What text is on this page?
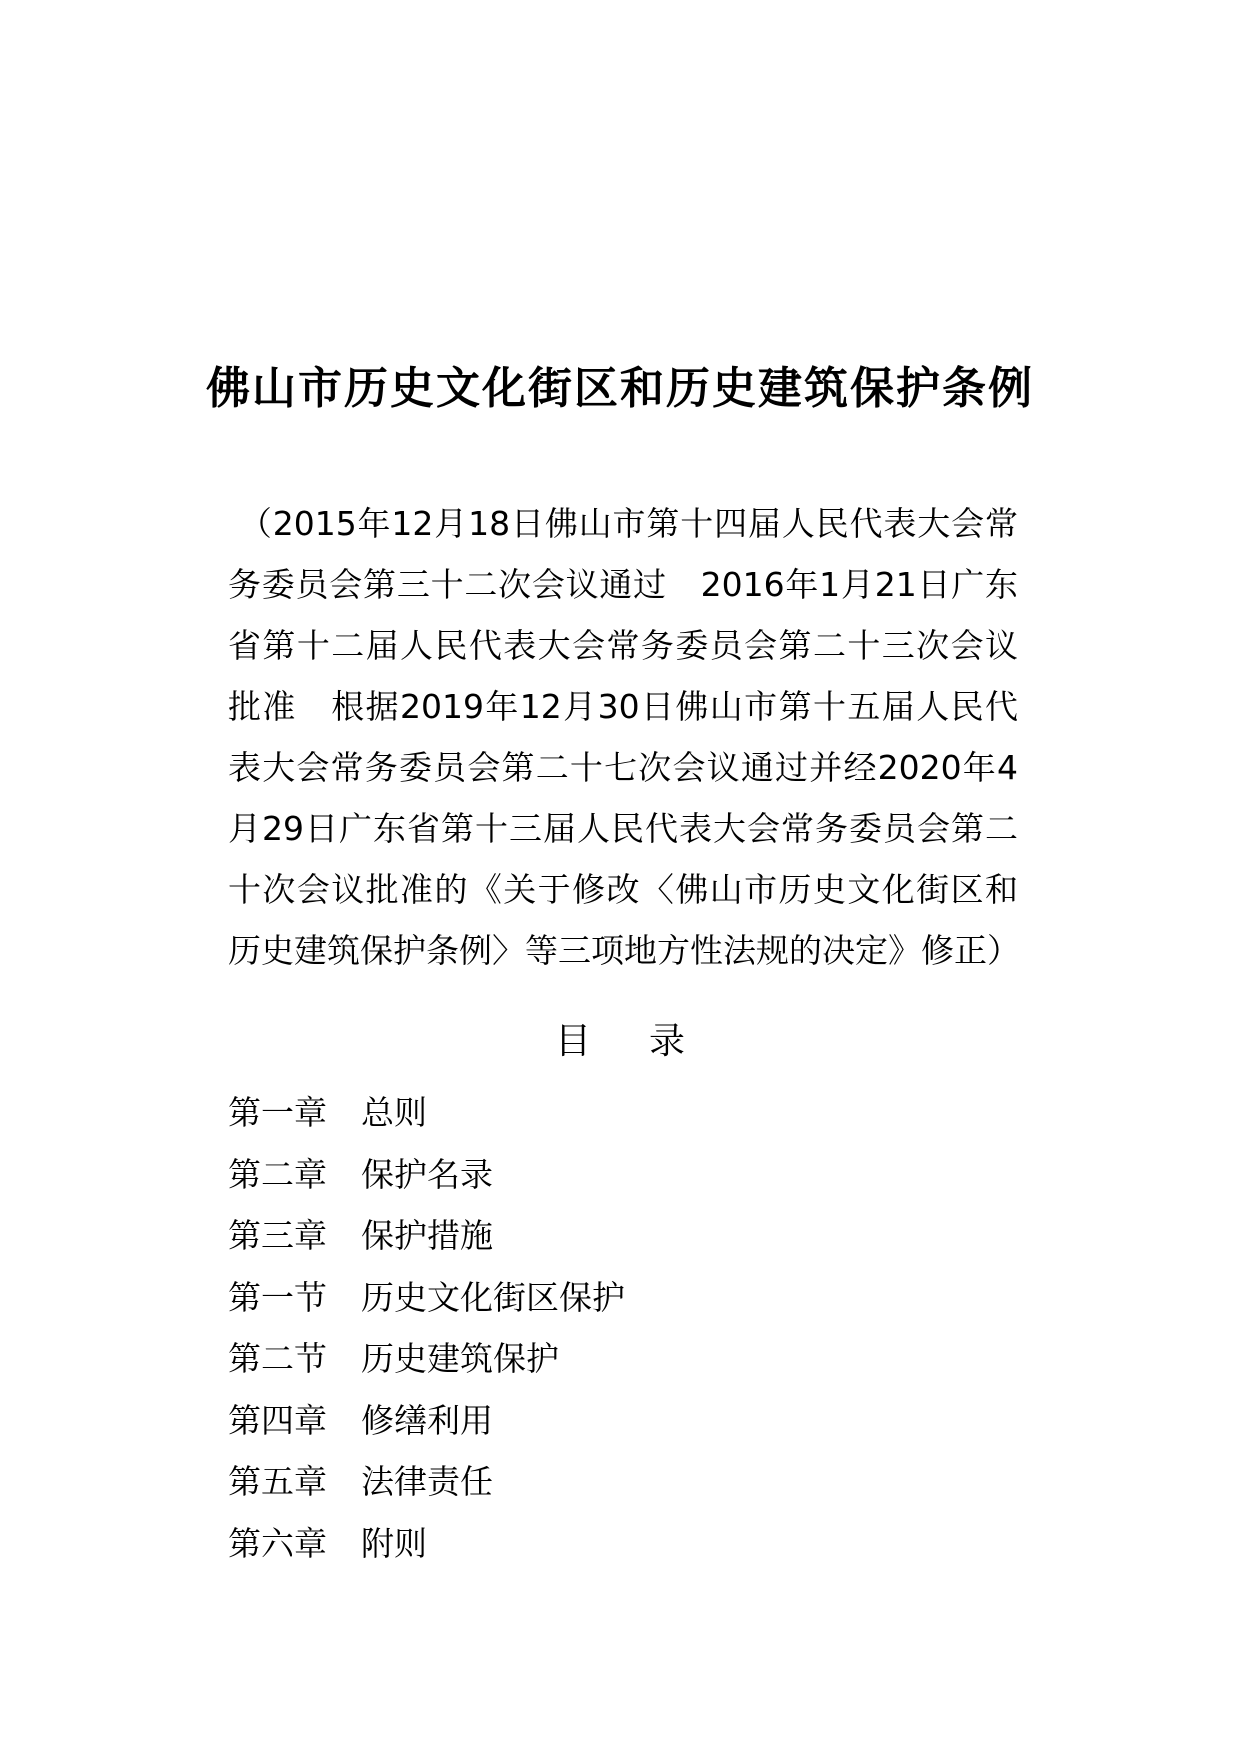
佛山市历史文化街区和历史建筑保护条例

（2015年12月18日佛山市第十四届人民代表大会常务委员会第三十二次会议通过　2016年1月21日广东省第十二届人民代表大会常务委员会第二十三次会议批准　根据2019年12月30日佛山市第十五届人民代表大会常务委员会第二十七次会议通过并经2020年4月29日广东省第十三届人民代表大会常务委员会第二十次会议批准的《关于修改〈佛山市历史文化街区和历史建筑保护条例〉等三项地方性法规的决定》修正）

目录
第一章 总则
第二章 保护名录
第三章 保护措施
第一节 历史文化街区保护
第二节 历史建筑保护
第四章 修缮利用
第五章 法律责任
第六章 附则
